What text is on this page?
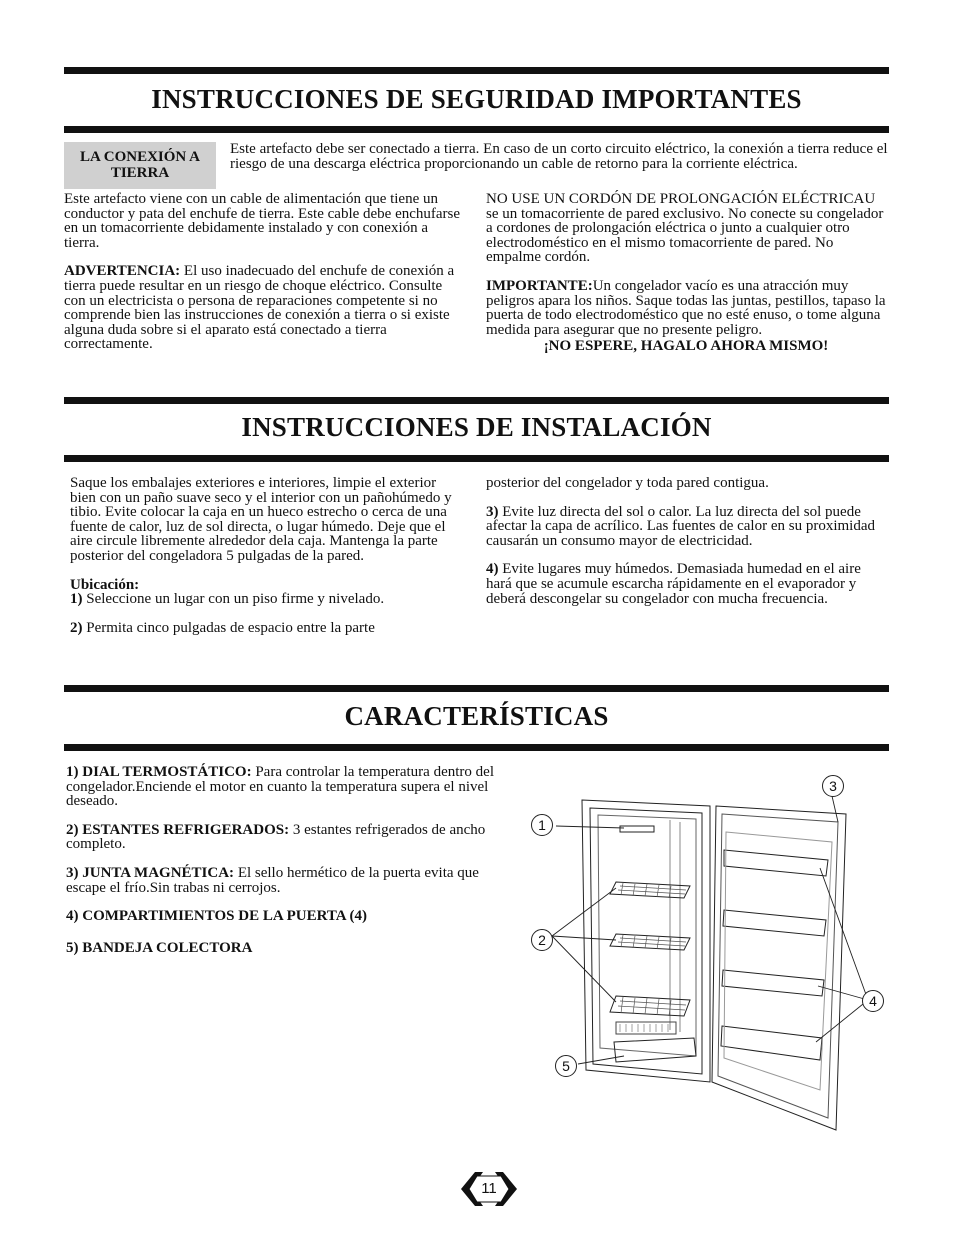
INSTRUCCIONES DE SEGURIDAD IMPORTANTES
LA CONEXIÓN A TIERRA
Este artefacto debe ser conectado a tierra. En caso de un corto circuito eléctrico, la conexión a tierra reduce el riesgo de una descarga eléctrica proporcionando un cable de retorno para la corriente eléctrica.

Este artefacto viene con un cable de alimentación que tiene un conductor y pata del enchufe de tierra. Este cable debe enchufarse en un tomacorriente debidamente instalado y con conexión a tierra.

ADVERTENCIA: El uso inadecuado del enchufe de conexión a tierra puede resultar en un riesgo de choque eléctrico. Consulte con un electricista o persona de reparaciones competente si no comprende bien las instrucciones de conexión a tierra o si existe alguna duda sobre si el aparato está conectado a tierra correctamente.

NO USE UN CORDÓN DE PROLONGACIÓN ELÉCTRICAU se un tomacorriente de pared exclusivo. No conecte su congelador a cordones de prolongación eléctrica o junto a cualquier otro electrodoméstico en el mismo tomacorriente de pared. No empalme cordón.

IMPORTANTE:Un congelador vacío es una atracción muy peligros apara los niños. Saque todas las juntas, pestillos, tapaso la puerta de todo electrodoméstico que no esté enuso, o tome alguna medida para asegurar que no presente peligro.

¡NO ESPERE, HAGALO AHORA MISMO!
INSTRUCCIONES DE INSTALACIÓN

Saque los embalajes exteriores e interiores, limpie el exterior bien con un paño suave seco y el interior con un pañohúmedo y tibio. Evite colocar la caja en un hueco estrecho o cerca de una fuente de calor, luz de sol directa, o lugar húmedo. Deje que el aire circule librementе alrededor dela caja. Mantenga la parte posterior del congeladora 5 pulgadas de la pared.

Ubicación:

1) Seleccione un lugar con un piso firme y nivelado.

2) Permita cinco pulgadas de espacio entre la parte

posterior del congelador y toda pared contigua.

3) Evite luz directa del sol o calor. La luz directa del sol puede afectar la capa de acrílico. Las fuentes de calor en su proximidad causarán un consumo mayor de electricidad.

4) Evite lugares muy húmedos. Demasiada humedad en el aire hará que se acumule escarcha rápidamente en el evaporador y deberá descongelar su congelador con mucha frecuencia.

CARACTERÍSTICAS

1) DIAL TERMOSTÁTICO: Para controlar la temperatura dentro del congelador.Enciende el motor en cuanto la temperatura supera el nivel deseado.

2) ESTANTES REFRIGERADOS: 3 estantes refrigerados de ancho completo.

3) JUNTA MAGNÉTICA: El sello hermético de la puerta evita que escape el frío.Sin trabas ni cerrojos.

4) COMPARTIMIENTOS DE LA PUERTA (4)

5) BANDEJA COLECTORA

1
2
3
4
5
11
